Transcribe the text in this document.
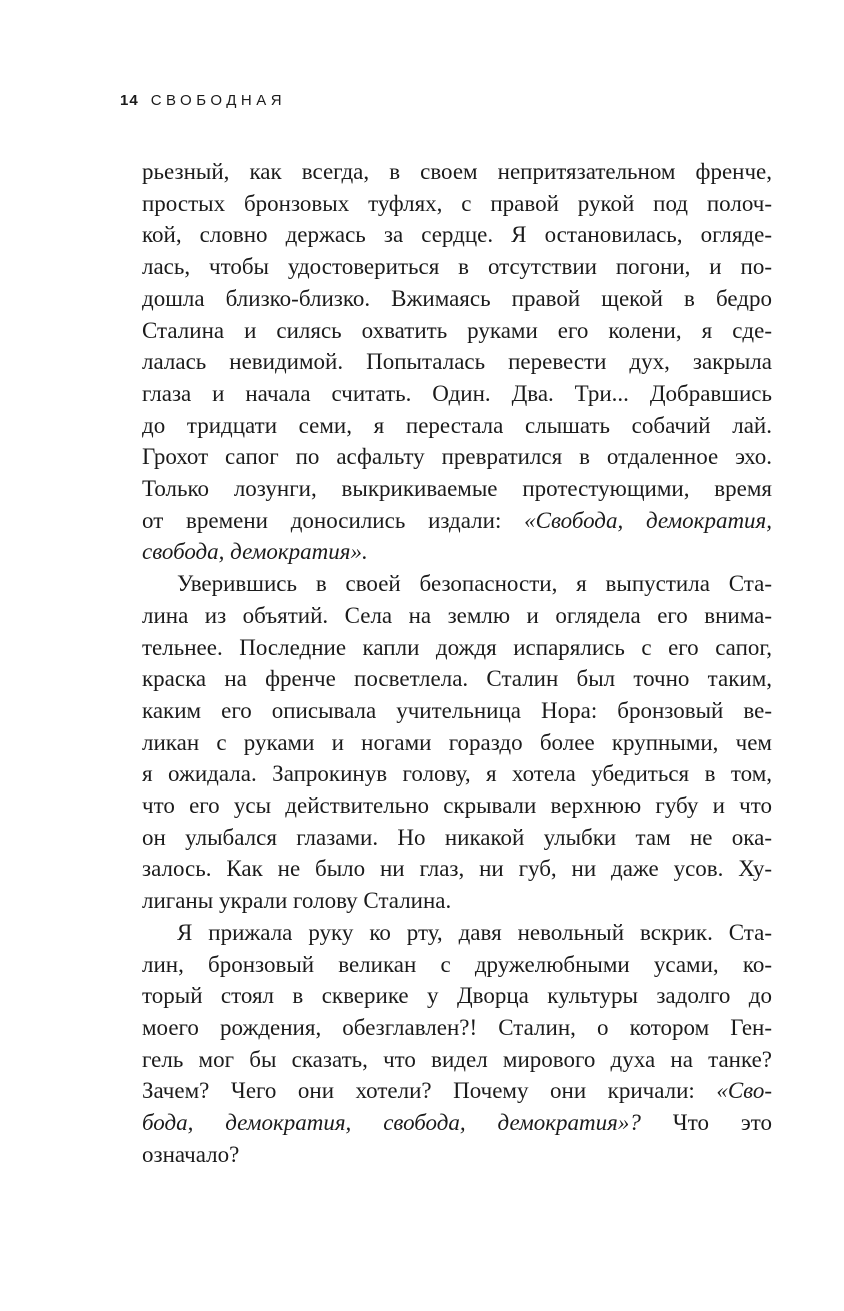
14 СВОБОДНАЯ
рьезный, как всегда, в своем непритязательном френче,
простых бронзовых туфлях, с правой рукой под полоч-
кой, словно держась за сердце. Я остановилась, огляде-
лась, чтобы удостовериться в отсутствии погони, и по-
дошла близко-близко. Вжимаясь правой щекой в бедро
Сталина и силясь охватить руками его колени, я сде-
лалась невидимой. Попыталась перевести дух, закрыла
глаза и начала считать. Один. Два. Три... Добравшись
до тридцати семи, я перестала слышать собачий лай.
Грохот сапог по асфальту превратился в отдаленное эхо.
Только лозунги, выкрикиваемые протестующими, время
от времени доносились издали: «Свобода, демократия,
свобода, демократия».
Уверившись в своей безопасности, я выпустила Ста-
лина из объятий. Села на землю и оглядела его внима-
тельнее. Последние капли дождя испарялись с его сапог,
краска на френче посветлела. Сталин был точно таким,
каким его описывала учительница Нора: бронзовый ве-
ликан с руками и ногами гораздо более крупными, чем
я ожидала. Запрокинув голову, я хотела убедиться в том,
что его усы действительно скрывали верхнюю губу и что
он улыбался глазами. Но никакой улыбки там не ока-
залось. Как не было ни глаз, ни губ, ни даже усов. Ху-
лиганы украли голову Сталина.
Я прижала руку ко рту, давя невольный вскрик. Ста-
лин, бронзовый великан с дружелюбными усами, ко-
торый стоял в скверике у Дворца культуры задолго до
моего рождения, обезглавлен?! Сталин, о котором Ген-
гель мог бы сказать, что видел мирового духа на танке?
Зачем? Чего они хотели? Почему они кричали: «Сво-
бода, демократия, свобода, демократия»? Что это
означало?
